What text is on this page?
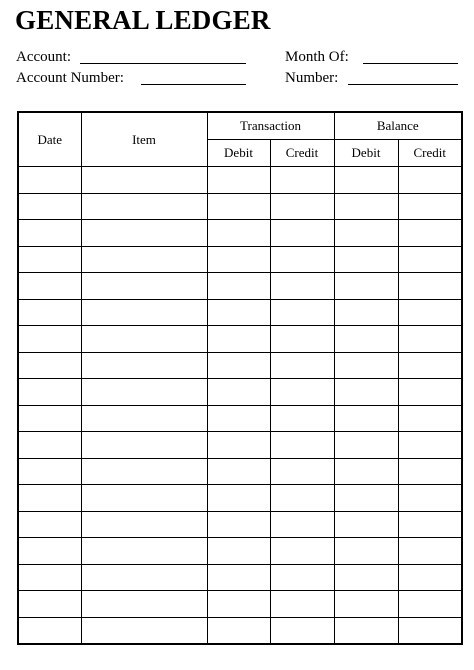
GENERAL LEDGER
Account:
Account Number:
Month Of:
Number:
Date	Item	Transaction		Balance	
		Debit	Credit	Debit	Credit
